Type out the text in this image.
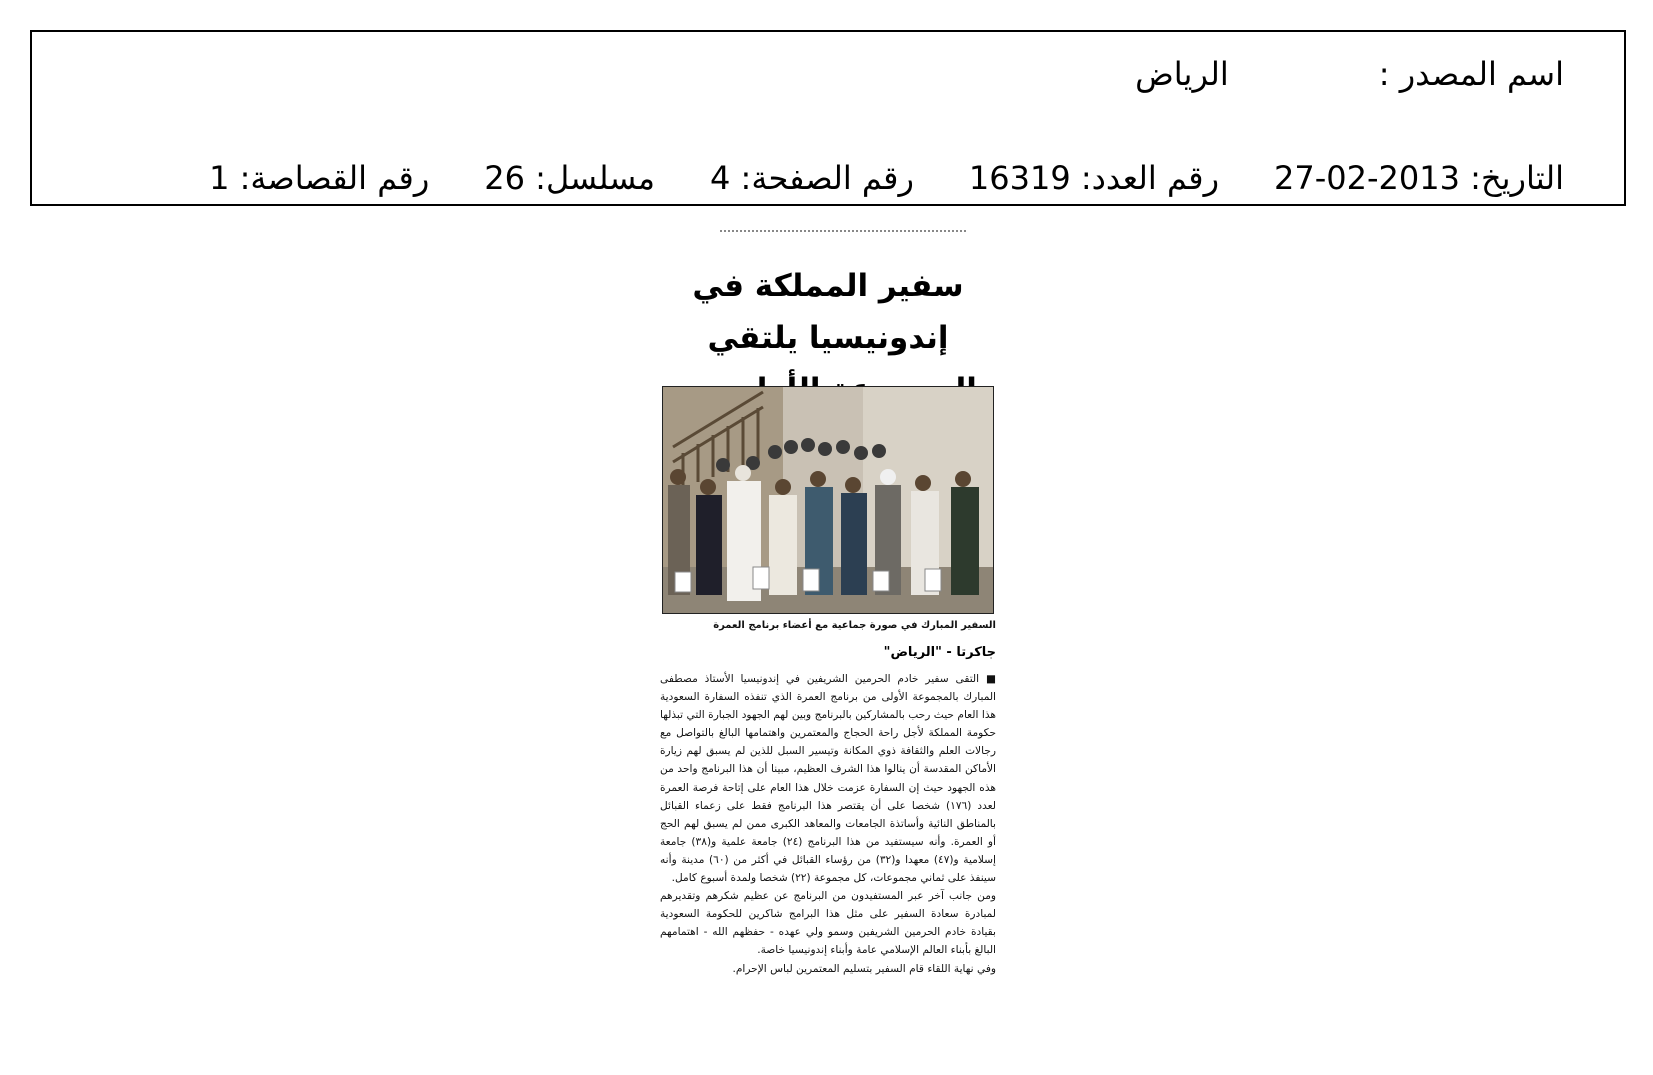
اسم المصدر :
الرياض
التاريخ: 2013-02-27
رقم العدد: 16319
رقم الصفحة: 4
مسلسل: 26
رقم القصاصة: 1
سفير المملكة في إندونيسيا يلتقي
السفير المبارك في صورة جماعية مع أعضاء برنامج العمرة
جاكرتا - "الرياض"

■ التقى سفير خادم الحرمين الشريفين في إندونيسيا الأستاذ مصطفى المبارك بالمجموعة الأولى من برنامج العمرة الذي تنفذه السفارة السعودية هذا العام حيث رحب بالمشاركين بالبرنامج وبين لهم الجهود الجبارة التي تبذلها حكومة المملكة لأجل راحة الحجاج والمعتمرين واهتمامها البالغ بالتواصل مع رجالات العلم والثقافة ذوي المكانة وتيسير السبل للذين لم يسبق لهم زيارة الأماكن المقدسة أن ينالوا هذا الشرف العظيم، مبينا أن هذا البرنامج واحد من هذه الجهود حيث إن السفارة عزمت خلال هذا العام على إتاحة فرصة العمرة لعدد (١٧٦) شخصا على أن يقتصر هذا البرنامج فقط على زعماء القبائل بالمناطق النائية وأساتذة الجامعات والمعاهد الكبرى ممن لم يسبق لهم الحج أو العمرة. وأنه سيستفيد من هذا البرنامج (٢٤) جامعة علمية و(٣٨) جامعة إسلامية و(٤٧) معهدا و(٣٢) من رؤساء القبائل في أكثر من (٦٠) مدينة وأنه سينفذ على ثماني مجموعات، كل مجموعة (٢٢) شخصا ولمدة أسبوع كامل.

ومن جانب آخر عبر المستفيدون من البرنامج عن عظيم شكرهم وتقديرهم لمبادرة سعادة السفير على مثل هذا البرامج شاكرين للحكومة السعودية بقيادة خادم الحرمين الشريفين وسمو ولي عهده - حفظهم الله - اهتمامهم البالغ بأبناء العالم الإسلامي عامة وأبناء إندونيسيا خاصة.

وفي نهاية اللقاء قام السفير بتسليم المعتمرين لباس الإحرام.
